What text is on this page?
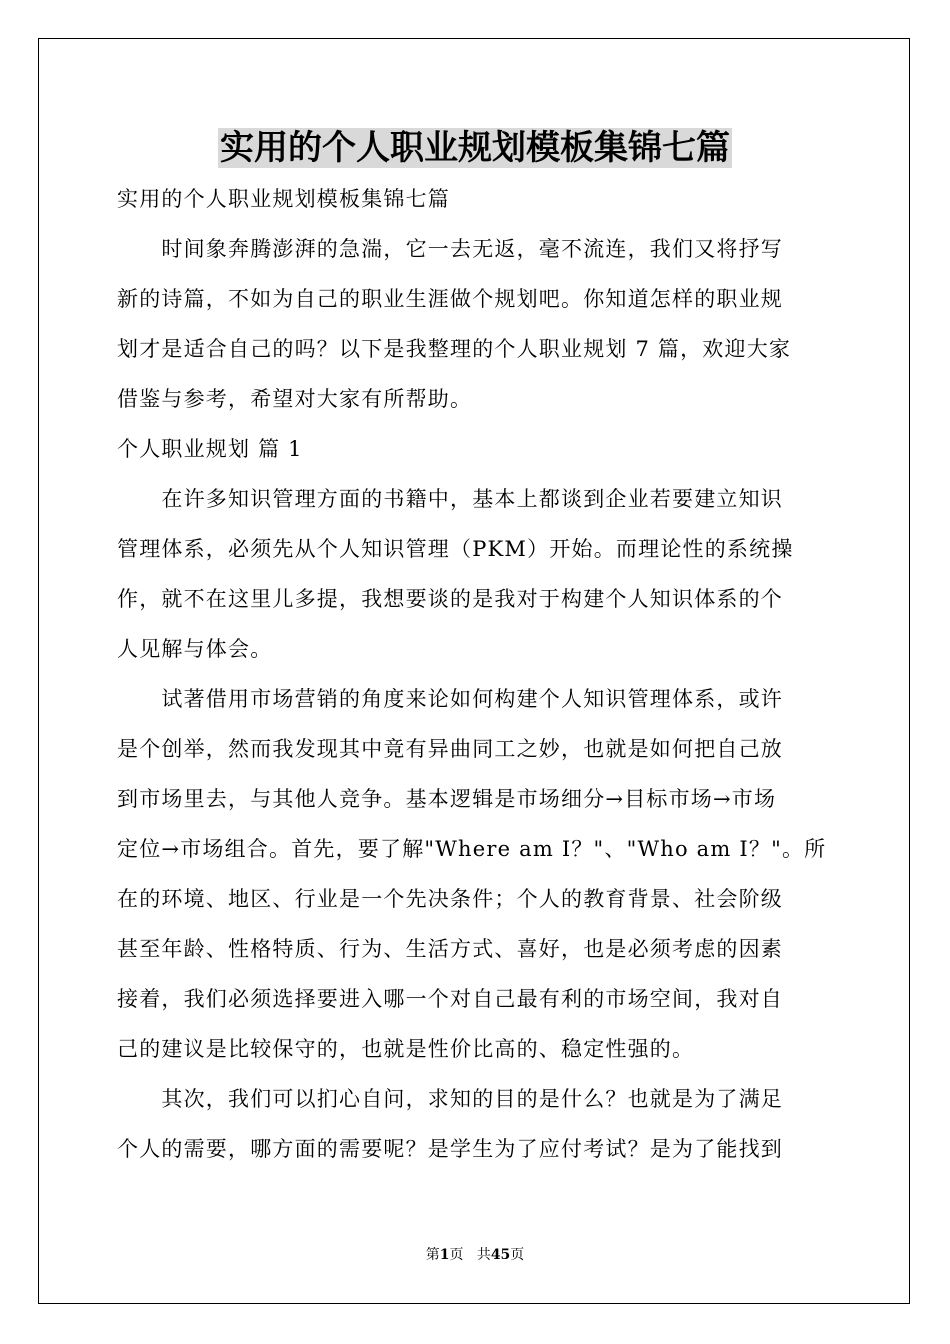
实用的个人职业规划模板集锦七篇
实用的个人职业规划模板集锦七篇
　　时间象奔腾澎湃的急湍，它一去无返，毫不流连，我们又将抒写
新的诗篇，不如为自己的职业生涯做个规划吧。你知道怎样的职业规
划才是适合自己的吗？以下是我整理的个人职业规划 7 篇，欢迎大家
借鉴与参考，希望对大家有所帮助。
个人职业规划 篇 1
　　在许多知识管理方面的书籍中，基本上都谈到企业若要建立知识
管理体系，必须先从个人知识管理（PKM）开始。而理论性的系统操
作，就不在这里儿多提，我想要谈的是我对于构建个人知识体系的个
人见解与体会。
　　试著借用市场营销的角度来论如何构建个人知识管理体系，或许
是个创举，然而我发现其中竟有异曲同工之妙，也就是如何把自己放
到市场里去，与其他人竞争。基本逻辑是市场细分→目标市场→市场
定位→市场组合。首先，要了解"Where am I？"、"Who am I？"。所
在的环境、地区、行业是一个先决条件；个人的教育背景、社会阶级
甚至年龄、性格特质、行为、生活方式、喜好，也是必须考虑的因素
接着，我们必须选择要进入哪一个对自己最有利的市场空间，我对自
己的建议是比较保守的，也就是性价比高的、稳定性强的。
　　其次，我们可以扪心自问，求知的目的是什么？也就是为了满足
个人的需要，哪方面的需要呢？是学生为了应付考试？是为了能找到
第1页 共45页
